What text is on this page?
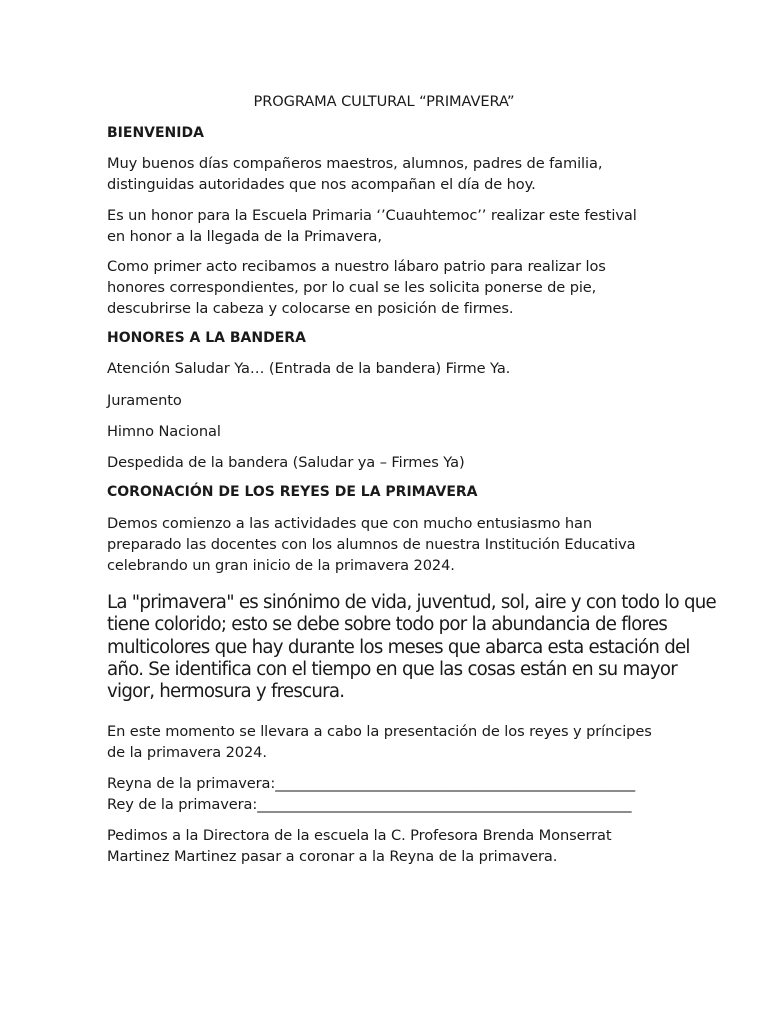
PROGRAMA CULTURAL “PRIMAVERA”
BIENVENIDA
Muy buenos días compañeros maestros, alumnos, padres de familia,
distinguidas autoridades que nos acompañan el día de hoy.
Es un honor para la Escuela Primaria ‘’Cuauhtemoc’’ realizar este festival
en honor a la llegada de la Primavera,
Como primer acto recibamos a nuestro lábaro patrio para realizar los
honores correspondientes, por lo cual se les solicita ponerse de pie,
descubrirse la cabeza y colocarse en posición de firmes.
HONORES A LA BANDERA
Atención Saludar Ya… (Entrada de la bandera) Firme Ya.
Juramento
Himno Nacional
Despedida de la bandera (Saludar ya – Firmes Ya)
CORONACIÓN DE LOS REYES DE LA PRIMAVERA
Demos comienzo a las actividades que con mucho entusiasmo han
preparado las docentes con los alumnos de nuestra Institución Educativa
celebrando un gran inicio de la primavera 2024.
La "primavera" es sinónimo de vida, juventud, sol, aire y con todo lo que
tiene colorido; esto se debe sobre todo por la abundancia de flores
multicolores que hay durante los meses que abarca esta estación del
año. Se identifica con el tiempo en que las cosas están en su mayor
vigor, hermosura y frescura.
En este momento se llevara a cabo la presentación de los reyes y príncipes
de la primavera 2024.
Reyna de la primavera:__________________________________________________
Rey de la primavera:____________________________________________________
Pedimos a la Directora de la escuela la C. Profesora Brenda Monserrat
Martinez Martinez pasar a coronar a la Reyna de la primavera.
